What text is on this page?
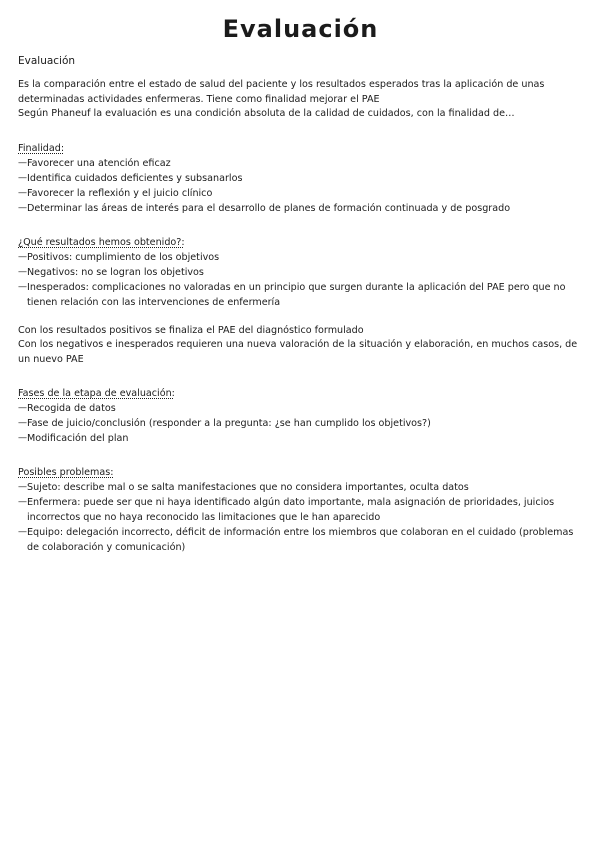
Evaluación
Evaluación
Es la comparación entre el estado de salud del paciente y los resultados esperados tras la aplicación de unas determinadas actividades enfermeras. Tiene como finalidad mejorar el PAE
Según Phaneuf la evaluación es una condición absoluta de la calidad de cuidados, con la finalidad de…
Finalidad:
— Favorecer una atención eficaz
— Identifica cuidados deficientes y subsanarlos
— Favorecer la reflexión y el juicio clínico
— Determinar las áreas de interés para el desarrollo de planes de formación continuada y de posgrado
¿Qué resultados hemos obtenido?:
— Positivos: cumplimiento de los objetivos
— Negativos: no se logran los objetivos
— Inesperados: complicaciones no valoradas en un principio que surgen durante la aplicación del PAE pero que no tienen relación con las intervenciones de enfermería
Con los resultados positivos se finaliza el PAE del diagnóstico formulado
Con los negativos e inesperados requieren una nueva valoración de la situación y elaboración, en muchos casos, de un nuevo PAE
Fases de la etapa de evaluación:
— Recogida de datos
— Fase de juicio/conclusión (responder a la pregunta: ¿se han cumplido los objetivos?)
— Modificación del plan
Posibles problemas:
— Sujeto: describe mal o se salta manifestaciones que no considera importantes, oculta datos
— Enfermera: puede ser que ni haya identificado algún dato importante, mala asignación de prioridades, juicios incorrectos que no haya reconocido las limitaciones que le han aparecido
— Equipo: delegación incorrecto, déficit de información entre los miembros que colaboran en el cuidado (problemas de colaboración y comunicación)
